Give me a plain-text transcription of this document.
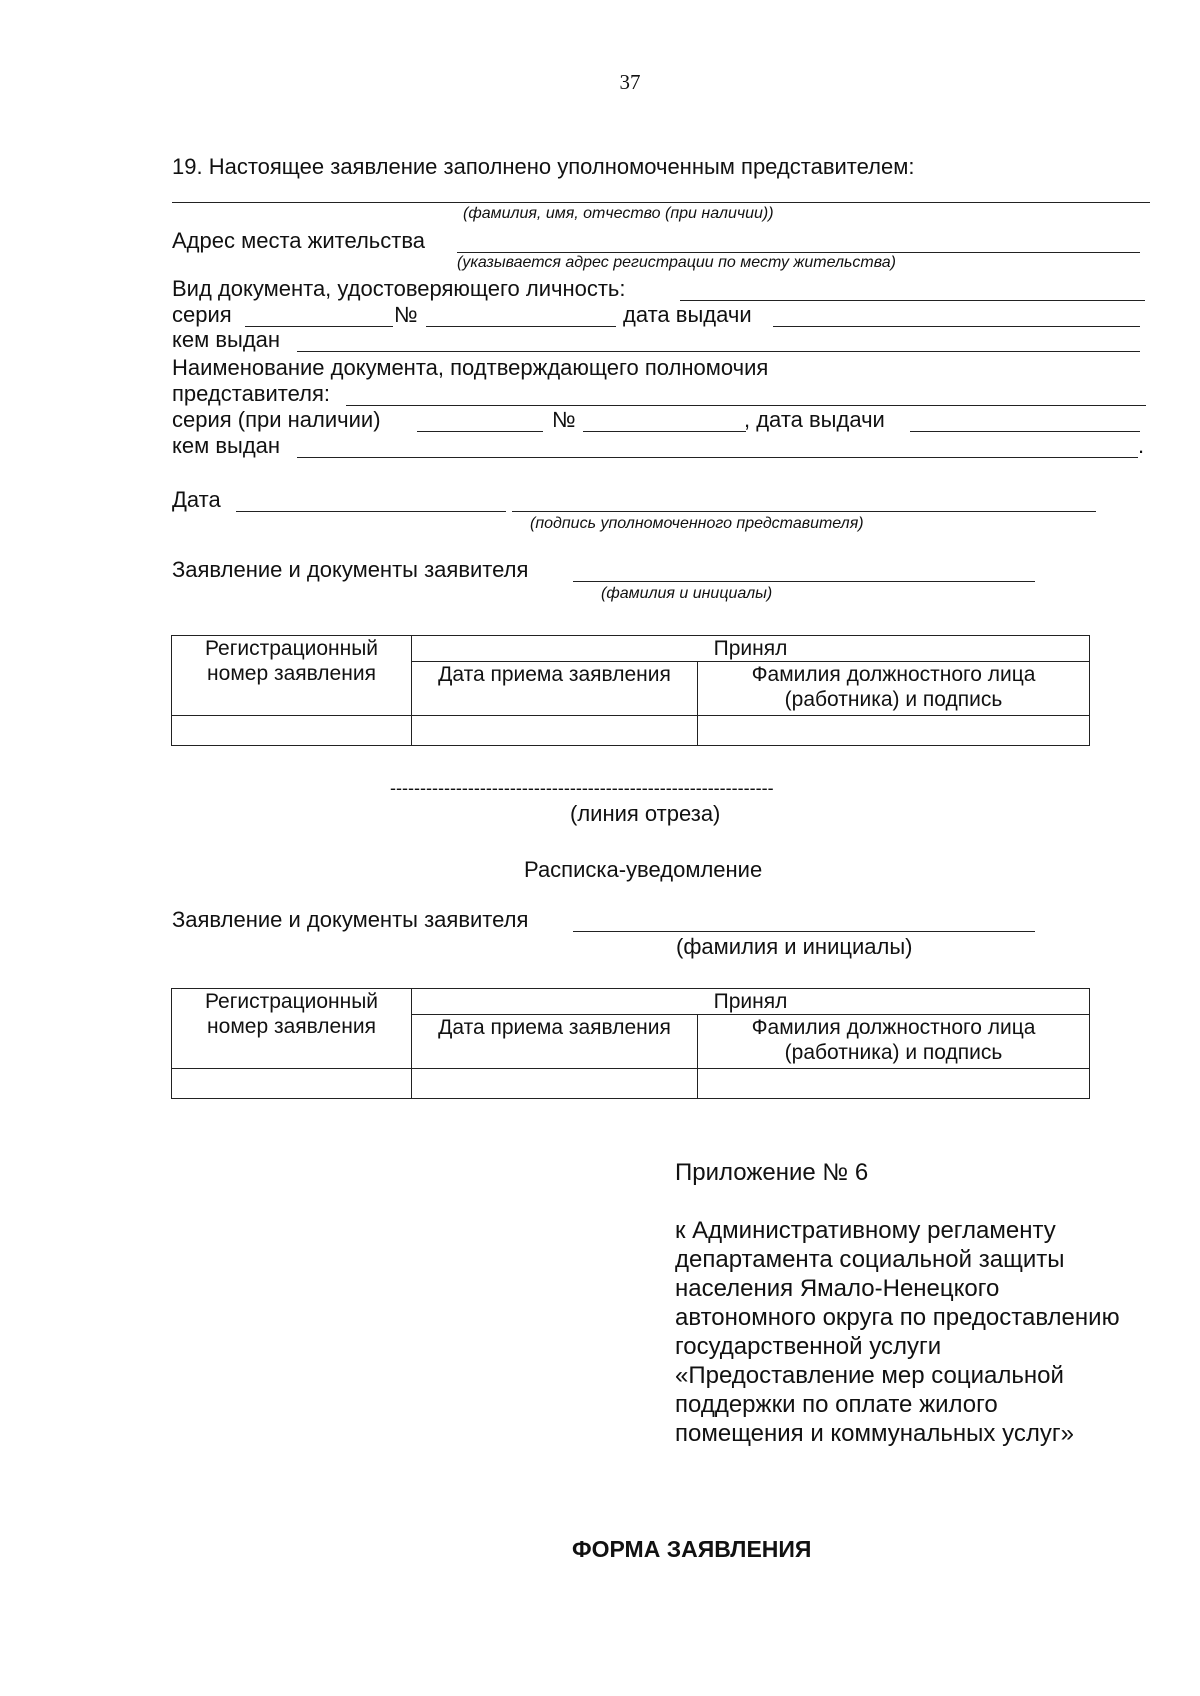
37
19. Настоящее заявление заполнено уполномоченным представителем:
(фамилия, имя, отчество (при наличии))
Адрес места жительства
(указывается адрес регистрации по месту жительства)
Вид документа, удостоверяющего личность:
серия	№	дата выдачи
кем выдан
Наименование документа, подтверждающего полномочия
представителя:
серия (при наличии)	№	, дата выдачи
кем выдан	.
Дата
(подпись уполномоченного представителя)
Заявление и документы заявителя
(фамилия и инициалы)
Регистрационный
номер заявления	Принял	
	Дата приема заявления	Фамилия должностного лица
(работника) и подпись

----------------------------------------------------------------
(линия отреза)
Расписка-уведомление
Заявление и документы заявителя
(фамилия и инициалы)
Регистрационный
номер заявления	Принял	
	Дата приема заявления	Фамилия должностного лица
(работника) и подпись

Приложение № 6
к Административному регламенту департамента социальной защиты населения Ямало-Ненецкого автономного округа по предоставлению государственной услуги «Предоставление мер социальной поддержки по оплате жилого помещения и коммунальных услуг»
ФОРМА ЗАЯВЛЕНИЯ
